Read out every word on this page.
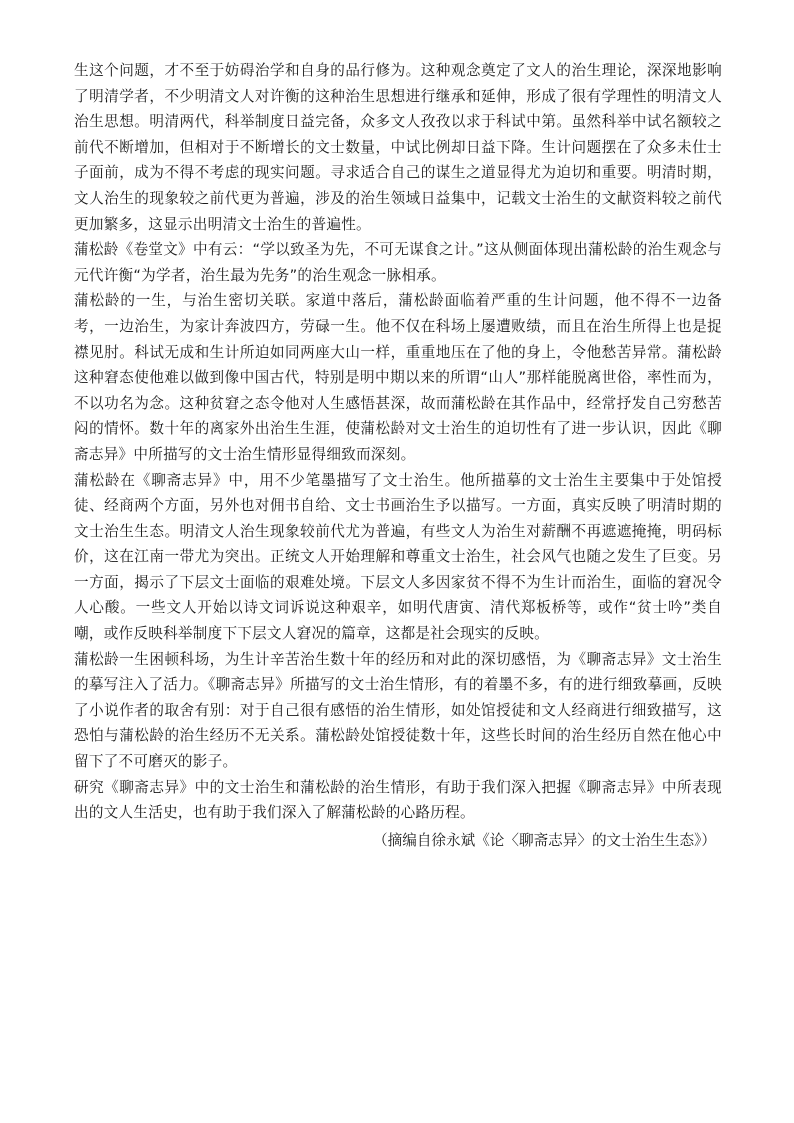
生这个问题，才不至于妨碍治学和自身的品行修为。这种观念奠定了文人的治生理论，深深地影响了明清学者，不少明清文人对许衡的这种治生思想进行继承和延伸，形成了很有学理性的明清文人治生思想。明清两代，科举制度日益完备，众多文人孜孜以求于科试中第。虽然科举中试名额较之前代不断增加，但相对于不断增长的文士数量，中试比例却日益下降。生计问题摆在了众多未仕士子面前，成为不得不考虑的现实问题。寻求适合自己的谋生之道显得尤为迫切和重要。明清时期，文人治生的现象较之前代更为普遍，涉及的治生领域日益集中，记载文士治生的文献资料较之前代更加繁多，这显示出明清文士治生的普遍性。

蒲松龄《卷堂文》中有云：“学以致圣为先，不可无谋食之计。”这从侧面体现出蒲松龄的治生观念与元代许衡“为学者，治生最为先务”的治生观念一脉相承。

蒲松龄的一生，与治生密切关联。家道中落后，蒲松龄面临着严重的生计问题，他不得不一边备考，一边治生，为家计奔波四方，劳碌一生。他不仅在科场上屡遭败绩，而且在治生所得上也是捉襟见肘。科试无成和生计所迫如同两座大山一样，重重地压在了他的身上，令他愁苦异常。蒲松龄这种窘态使他难以做到像中国古代，特别是明中期以来的所谓“山人”那样能脱离世俗，率性而为，不以功名为念。这种贫窘之态令他对人生感悟甚深，故而蒲松龄在其作品中，经常抒发自己穷愁苦闷的情怀。数十年的离家外出治生生涯，使蒲松龄对文士治生的迫切性有了进一步认识，因此《聊斋志异》中所描写的文士治生情形显得细致而深刻。

蒲松龄在《聊斋志异》中，用不少笔墨描写了文士治生。他所描摹的文士治生主要集中于处馆授徒、经商两个方面，另外也对佣书自给、文士书画治生予以描写。一方面，真实反映了明清时期的文士治生生态。明清文人治生现象较前代尤为普遍，有些文人为治生对薪酬不再遮遮掩掩，明码标价，这在江南一带尤为突出。正统文人开始理解和尊重文士治生，社会风气也随之发生了巨变。另一方面，揭示了下层文士面临的艰难处境。下层文人多因家贫不得不为生计而治生，面临的窘况令人心酸。一些文人开始以诗文词诉说这种艰辛，如明代唐寅、清代郑板桥等，或作“贫士吟”类自嘲，或作反映科举制度下下层文人窘况的篇章，这都是社会现实的反映。

蒲松龄一生困顿科场，为生计辛苦治生数十年的经历和对此的深切感悟，为《聊斋志异》文士治生的摹写注入了活力。《聊斋志异》所描写的文士治生情形，有的着墨不多，有的进行细致摹画，反映了小说作者的取舍有别：对于自己很有感悟的治生情形，如处馆授徒和文人经商进行细致描写，这恐怕与蒲松龄的治生经历不无关系。蒲松龄处馆授徒数十年，这些长时间的治生经历自然在他心中留下了不可磨灭的影子。

研究《聊斋志异》中的文士治生和蒲松龄的治生情形，有助于我们深入把握《聊斋志异》中所表现出的文人生活史，也有助于我们深入了解蒲松龄的心路历程。

（摘编自徐永斌《论〈聊斋志异〉的文士治生生态》）
